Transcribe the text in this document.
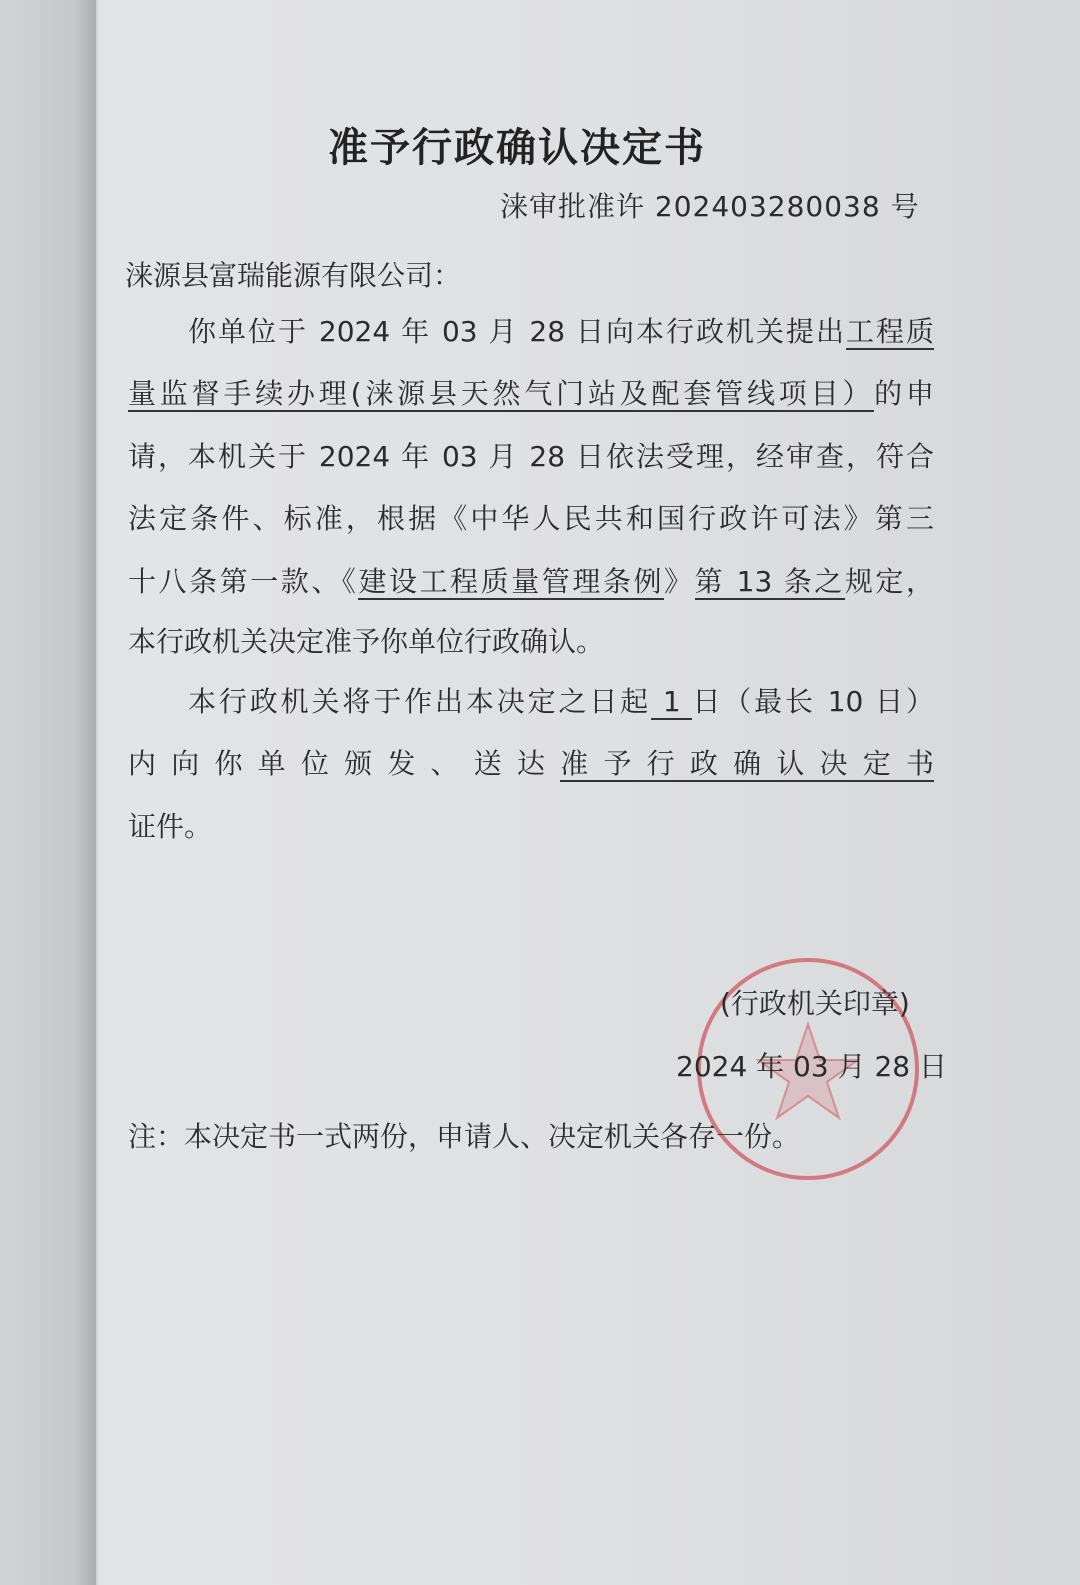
准予行政确认决定书
涞审批准许 202403280038 号
涞源县富瑞能源有限公司：
你单位于 2024 年 03 月 28 日向本行政机关提出工程质
量监督手续办理(涞源县天然气门站及配套管线项目）的申
请，本机关于 2024 年 03 月 28 日依法受理，经审查，符合
法定条件、标准，根据《中华人民共和国行政许可法》第三
十八条第一款、《建设工程质量管理条例》第 13 条之规定，
本行政机关决定准予你单位行政确认。
本行政机关将于作出本决定之日起 1 日（最长 10 日）
内 向 你 单 位 颁 发 、 送 达 准 予 行 政 确 认 决 定 书
证件。
(行政机关印章)
2024 年 03 月 28 日
注：本决定书一式两份，申请人、决定机关各存一份。
